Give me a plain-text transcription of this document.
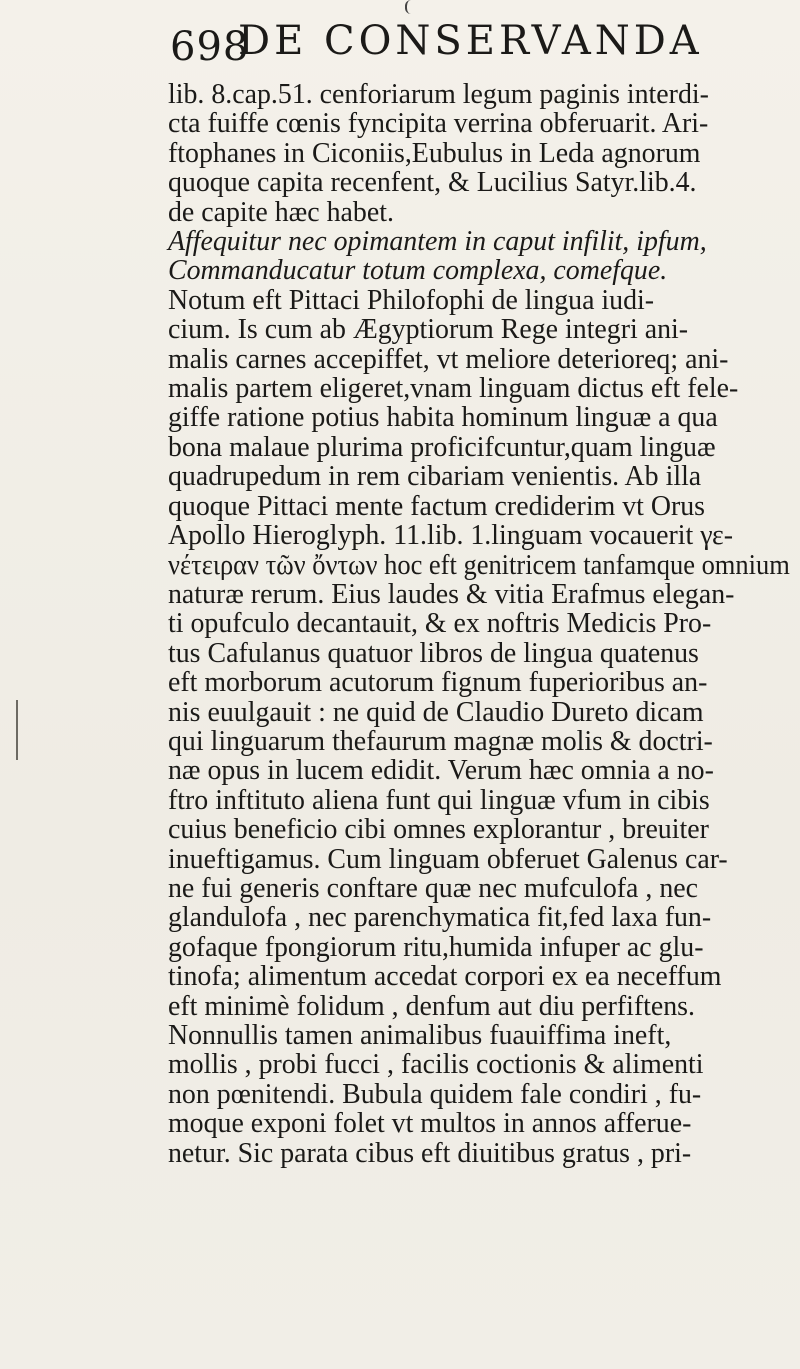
698
DE CONSERVANDA
lib. 8.cap.51. cenforiarum legum paginis interdi-
cta fuiffe cœnis fyncipita verrina obferuarit. Ari-
ftophanes in Ciconiis,Eubulus in Leda agnorum
quoque capita recenfent, & Lucilius Satyr.lib.4.
de capite hæc habet.
Affequitur nec opimantem in caput infilit, ipfum,
Commanducatur totum complexa, comefque.
Notum eft Pittaci Philofophi de lingua iudi-
cium. Is cum ab Ægyptiorum Rege integri ani-
malis carnes accepiffet, vt meliore deterioreq; ani-
malis partem eligeret,vnam linguam dictus eft fele-
giffe ratione potius habita hominum linguæ a qua
bona malaue plurima proficifcuntur,quam linguæ
quadrupedum in rem cibariam venientis. Ab illa
quoque Pittaci mente factum crediderim vt Orus
Apollo Hieroglyph. 11.lib. 1.linguam vocauerit γε-
νέτειραν τῶν ὄντων hoc eft genitricem tanfamque omnium
naturæ rerum. Eius laudes & vitia Erafmus elegan-
ti opufculo decantauit, & ex noftris Medicis Pro-
tus Cafulanus quatuor libros de lingua quatenus
eft morborum acutorum fignum fuperioribus an-
nis euulgauit : ne quid de Claudio Dureto dicam
qui linguarum thefaurum magnæ molis & doctri-
næ opus in lucem edidit. Verum hæc omnia a no-
ftro inftituto aliena funt qui linguæ vfum in cibis
cuius beneficio cibi omnes explorantur , breuiter
inueftigamus. Cum linguam obferuet Galenus car-
ne fui generis conftare quæ nec mufculofa , nec
glandulofa , nec parenchymatica fit,fed laxa fun-
gofaque fpongiorum ritu,humida infuper ac glu-
tinofa; alimentum accedat corpori ex ea neceffum
eft minimè folidum , denfum aut diu perfiftens.
Nonnullis tamen animalibus fuauiffima ineft,
mollis , probi fucci , facilis coctionis & alimenti
non pœnitendi. Bubula quidem fale condiri , fu-
moque exponi folet vt multos in annos afferue-
netur. Sic parata cibus eft diuitibus gratus , pri-
